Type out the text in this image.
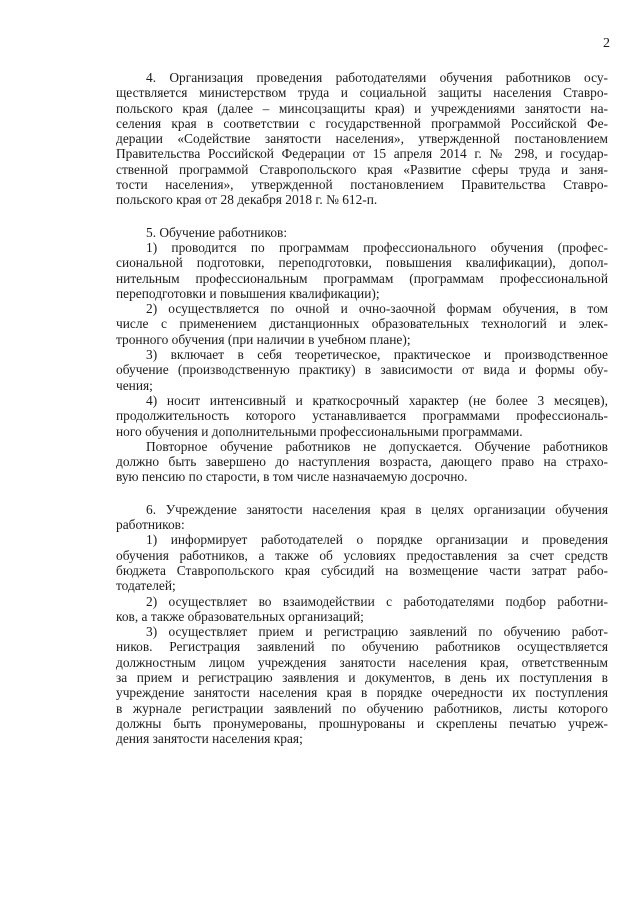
2
4. Организация проведения работодателями обучения работников осу-
ществляется министерством труда и социальной защиты населения Ставро-
польского края (далее – минсоцзащиты края) и учреждениями занятости на-
селения края в соответствии с государственной программой Российской Фе-
дерации «Содействие занятости населения», утвержденной постановлением
Правительства Российской Федерации от 15 апреля 2014 г. № 298, и государ-
ственной программой Ставропольского края «Развитие сферы труда и заня-
тости населения», утвержденной постановлением Правительства Ставро-
польского края от 28 декабря 2018 г. № 612-п.
5. Обучение работников:
1) проводится по программам профессионального обучения (профес-
сиональной подготовки, переподготовки, повышения квалификации), допол-
нительным профессиональным программам (программам профессиональной
переподготовки и повышения квалификации);
2) осуществляется по очной и очно-заочной формам обучения, в том
числе с применением дистанционных образовательных технологий и элек-
тронного обучения (при наличии в учебном плане);
3) включает в себя теоретическое, практическое и производственное
обучение (производственную практику) в зависимости от вида и формы обу-
чения;
4) носит интенсивный и краткосрочный характер (не более 3 месяцев),
продолжительность которого устанавливается программами профессиональ-
ного обучения и дополнительными профессиональными программами.
Повторное обучение работников не допускается. Обучение работников
должно быть завершено до наступления возраста, дающего право на страхо-
вую пенсию по старости, в том числе назначаемую досрочно.
6. Учреждение занятости населения края в целях организации обучения
работников:
1) информирует работодателей о порядке организации и проведения
обучения работников, а также об условиях предоставления за счет средств
бюджета Ставропольского края субсидий на возмещение части затрат рабо-
тодателей;
2) осуществляет во взаимодействии с работодателями подбор работни-
ков, а также образовательных организаций;
3) осуществляет прием и регистрацию заявлений по обучению работ-
ников. Регистрация заявлений по обучению работников осуществляется
должностным лицом учреждения занятости населения края, ответственным
за прием и регистрацию заявления и документов, в день их поступления в
учреждение занятости населения края в порядке очередности их поступления
в журнале регистрации заявлений по обучению работников, листы которого
должны быть пронумерованы, прошнурованы и скреплены печатью учреж-
дения занятости населения края;
